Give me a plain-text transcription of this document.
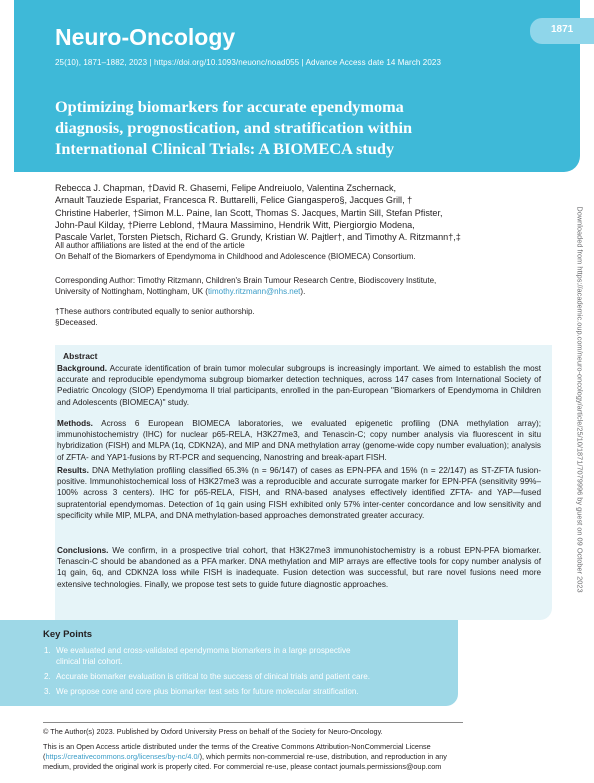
Neuro-Oncology
25(10), 1871–1882, 2023 | https://doi.org/10.1093/neuonc/noad055 | Advance Access date 14 March 2023
1871
Optimizing biomarkers for accurate ependymoma
diagnosis, prognostication, and stratification within
International Clinical Trials: A BIOMECA study
Rebecca J. Chapman, †David R. Ghasemi, Felipe Andreiuolo, Valentina Zschernack,
Arnault Tauziede Espariat, Francesca R. Buttarelli, Felice Giangaspero§, Jacques Grill, †
Christine Haberler, †Simon M.L. Paine, Ian Scott, Thomas S. Jacques, Martin Sill, Stefan Pfister,
John-Paul Kilday, †Pierre Leblond, †Maura Massimino, Hendrik Witt, Piergiorgio Modena,
Pascale Varlet, Torsten Pietsch, Richard G. Grundy, Kristian W. Pajtler†, and Timothy A. Ritzmann†,‡
All author affiliations are listed at the end of the article
On Behalf of the Biomarkers of Ependymoma in Childhood and Adolescence (BIOMECA) Consortium.
Corresponding Author: Timothy Ritzmann, Children's Brain Tumour Research Centre, Biodiscovery Institute,
University of Nottingham, Nottingham, UK (timothy.ritzmann@nhs.net).
†These authors contributed equally to senior authorship.
§Deceased.
Abstract
Background. Accurate identification of brain tumor molecular subgroups is increasingly important. We aimed to establish the most accurate and reproducible ependymoma subgroup biomarker detection techniques, across 147 cases from International Society of Pediatric Oncology (SIOP) Ependymoma II trial participants, enrolled in the pan-European "Biomarkers of Ependymoma in Children and Adolescents (BIOMECA)" study.
Methods. Across 6 European BIOMECA laboratories, we evaluated epigenetic profiling (DNA methylation array); immunohistochemistry (IHC) for nuclear p65-RELA, H3K27me3, and Tenascin-C; copy number analysis via fluorescent in situ hybridization (FISH) and MLPA (1q, CDKN2A), and MIP and DNA methylation array (genome-wide copy number evaluation); analysis of ZFTA- and YAP1-fusions by RT-PCR and sequencing, Nanostring and break-apart FISH.
Results. DNA Methylation profiling classified 65.3% (n = 96/147) of cases as EPN-PFA and 15% (n = 22/147) as ST-ZFTA fusion-positive. Immunohistochemical loss of H3K27me3 was a reproducible and accurate surrogate marker for EPN-PFA (sensitivity 99%–100% across 3 centers). IHC for p65-RELA, FISH, and RNA-based analyses effectively identified ZFTA- and YAP—fused supratentorial ependymomas. Detection of 1q gain using FISH exhibited only 57% inter-center concordance and low sensitivity and specificity while MIP, MLPA, and DNA methylation-based approaches demonstrated greater accuracy.
Conclusions. We confirm, in a prospective trial cohort, that H3K27me3 immunohistochemistry is a robust EPN-PFA biomarker. Tenascin-C should be abandoned as a PFA marker. DNA methylation and MIP arrays are effective tools for copy number analysis of 1q gain, 6q, and CDKN2A loss while FISH is inadequate. Fusion detection was successful, but rare novel fusions need more extensive technologies. Finally, we propose test sets to guide future diagnostic approaches.
Key Points
1. We evaluated and cross-validated ependymoma biomarkers in a large prospective
clinical trial cohort.
2. Accurate biomarker evaluation is critical to the success of clinical trials and patient care.
3. We propose core and core plus biomarker test sets for future molecular stratification.
© The Author(s) 2023. Published by Oxford University Press on behalf of the Society for Neuro-Oncology.
This is an Open Access article distributed under the terms of the Creative Commons Attribution-NonCommercial License
(https://creativecommons.org/licenses/by-nc/4.0/), which permits non-commercial re-use, distribution, and reproduction in any
medium, provided the original work is properly cited. For commercial re-use, please contact journals.permissions@oup.com
Downloaded from https://academic.oup.com/neuro-oncology/article/25/10/1871/7079996 by guest on 09 October 2023
